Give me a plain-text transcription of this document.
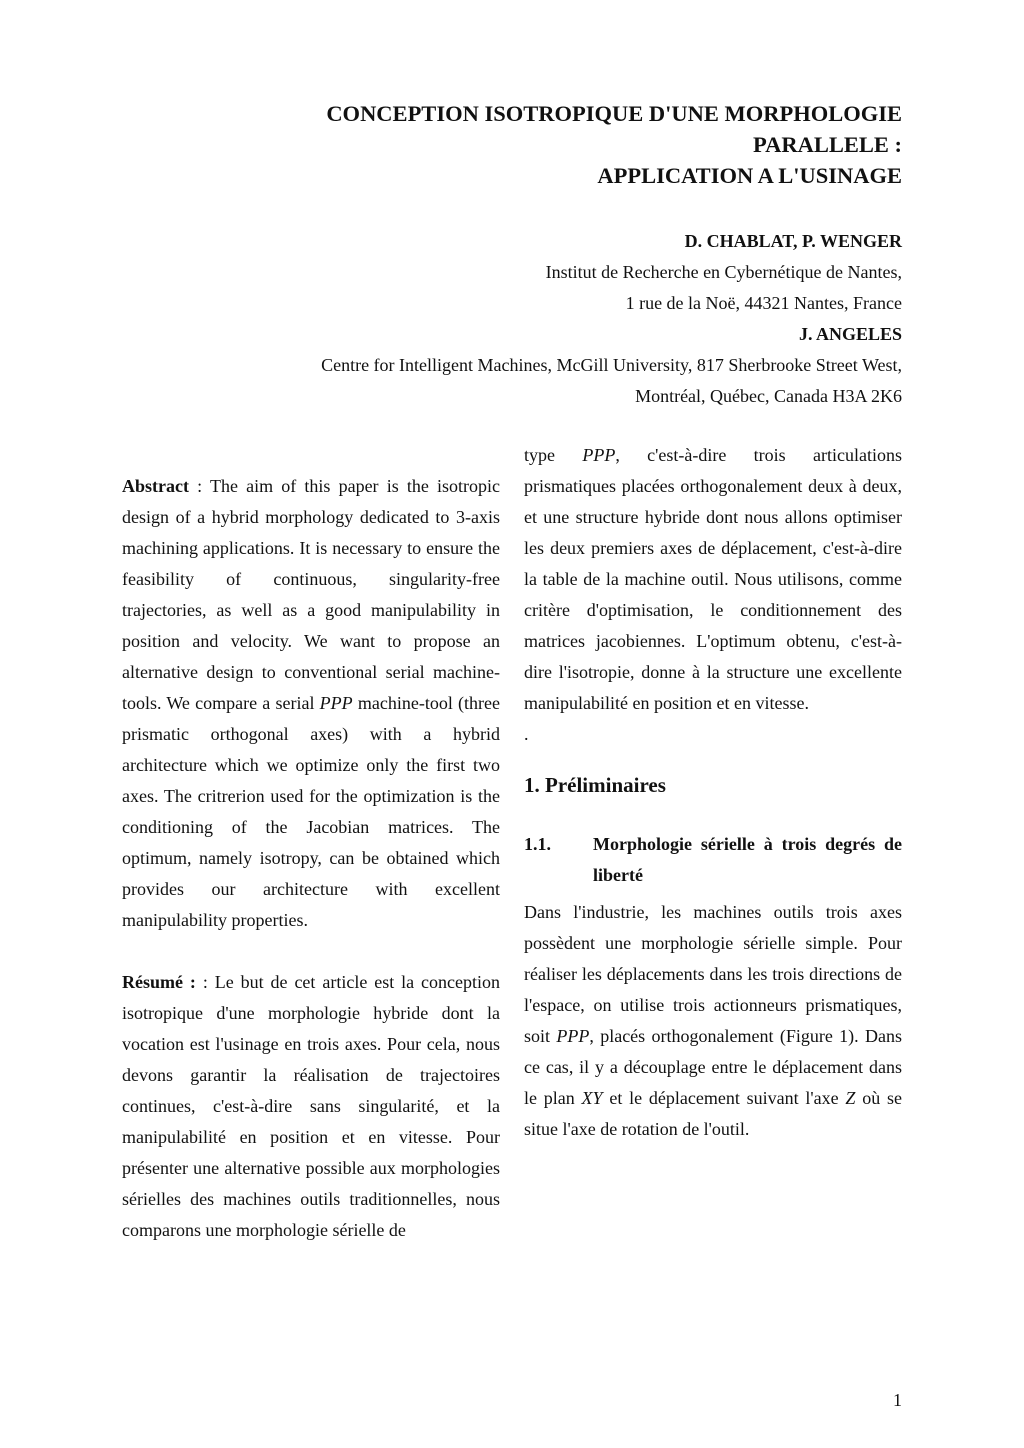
CONCEPTION ISOTROPIQUE D'UNE MORPHOLOGIE
PARALLELE :
APPLICATION A L'USINAGE
D. CHABLAT, P. WENGER
Institut de Recherche en Cybernétique de Nantes,
1 rue de la Noë, 44321 Nantes, France
J. ANGELES
Centre for Intelligent Machines, McGill University, 817 Sherbrooke Street West,
Montréal, Québec, Canada H3A 2K6

Abstract : The aim of this paper is the isotropic design of a hybrid morphology dedicated to 3-axis machining applications. It is necessary to ensure the feasibility of continuous, singularity-free trajectories, as well as a good manipulability in position and velocity. We want to propose an alternative design to conventional serial machine-tools. We compare a serial PPP machine-tool (three prismatic orthogonal axes) with a hybrid architecture which we optimize only the first two axes. The critrerion used for the optimization is the conditioning of the Jacobian matrices. The optimum, namely isotropy, can be obtained which provides our architecture with excellent manipulability properties.

Résumé : : Le but de cet article est la conception isotropique d'une morphologie hybride dont la vocation est l'usinage en trois axes. Pour cela, nous devons garantir la réalisation de trajectoires continues, c'est-à-dire sans singularité, et la manipulabilité en position et en vitesse. Pour présenter une alternative possible aux morphologies sérielles des machines outils traditionnelles, nous comparons une morphologie sérielle de

type PPP, c'est-à-dire trois articulations prismatiques placées orthogonalement deux à deux, et une structure hybride dont nous allons optimiser les deux premiers axes de déplacement, c'est-à-dire la table de la machine outil. Nous utilisons, comme critère d'optimisation, le conditionnement des matrices jacobiennes. L'optimum obtenu, c'est-à-dire l'isotropie, donne à la structure une excellente manipulabilité en position et en vitesse.

.

1. Préliminaires
1.1.	Morphologie sérielle à trois degrés de liberté

Dans l'industrie, les machines outils trois axes possèdent une morphologie sérielle simple. Pour réaliser les déplacements dans les trois directions de l'espace, on utilise trois actionneurs prismatiques, soit PPP, placés orthogonalement (Figure 1). Dans ce cas, il y a découplage entre le déplacement dans le plan XY et le déplacement suivant l'axe Z où se situe l'axe de rotation de l'outil.

1
